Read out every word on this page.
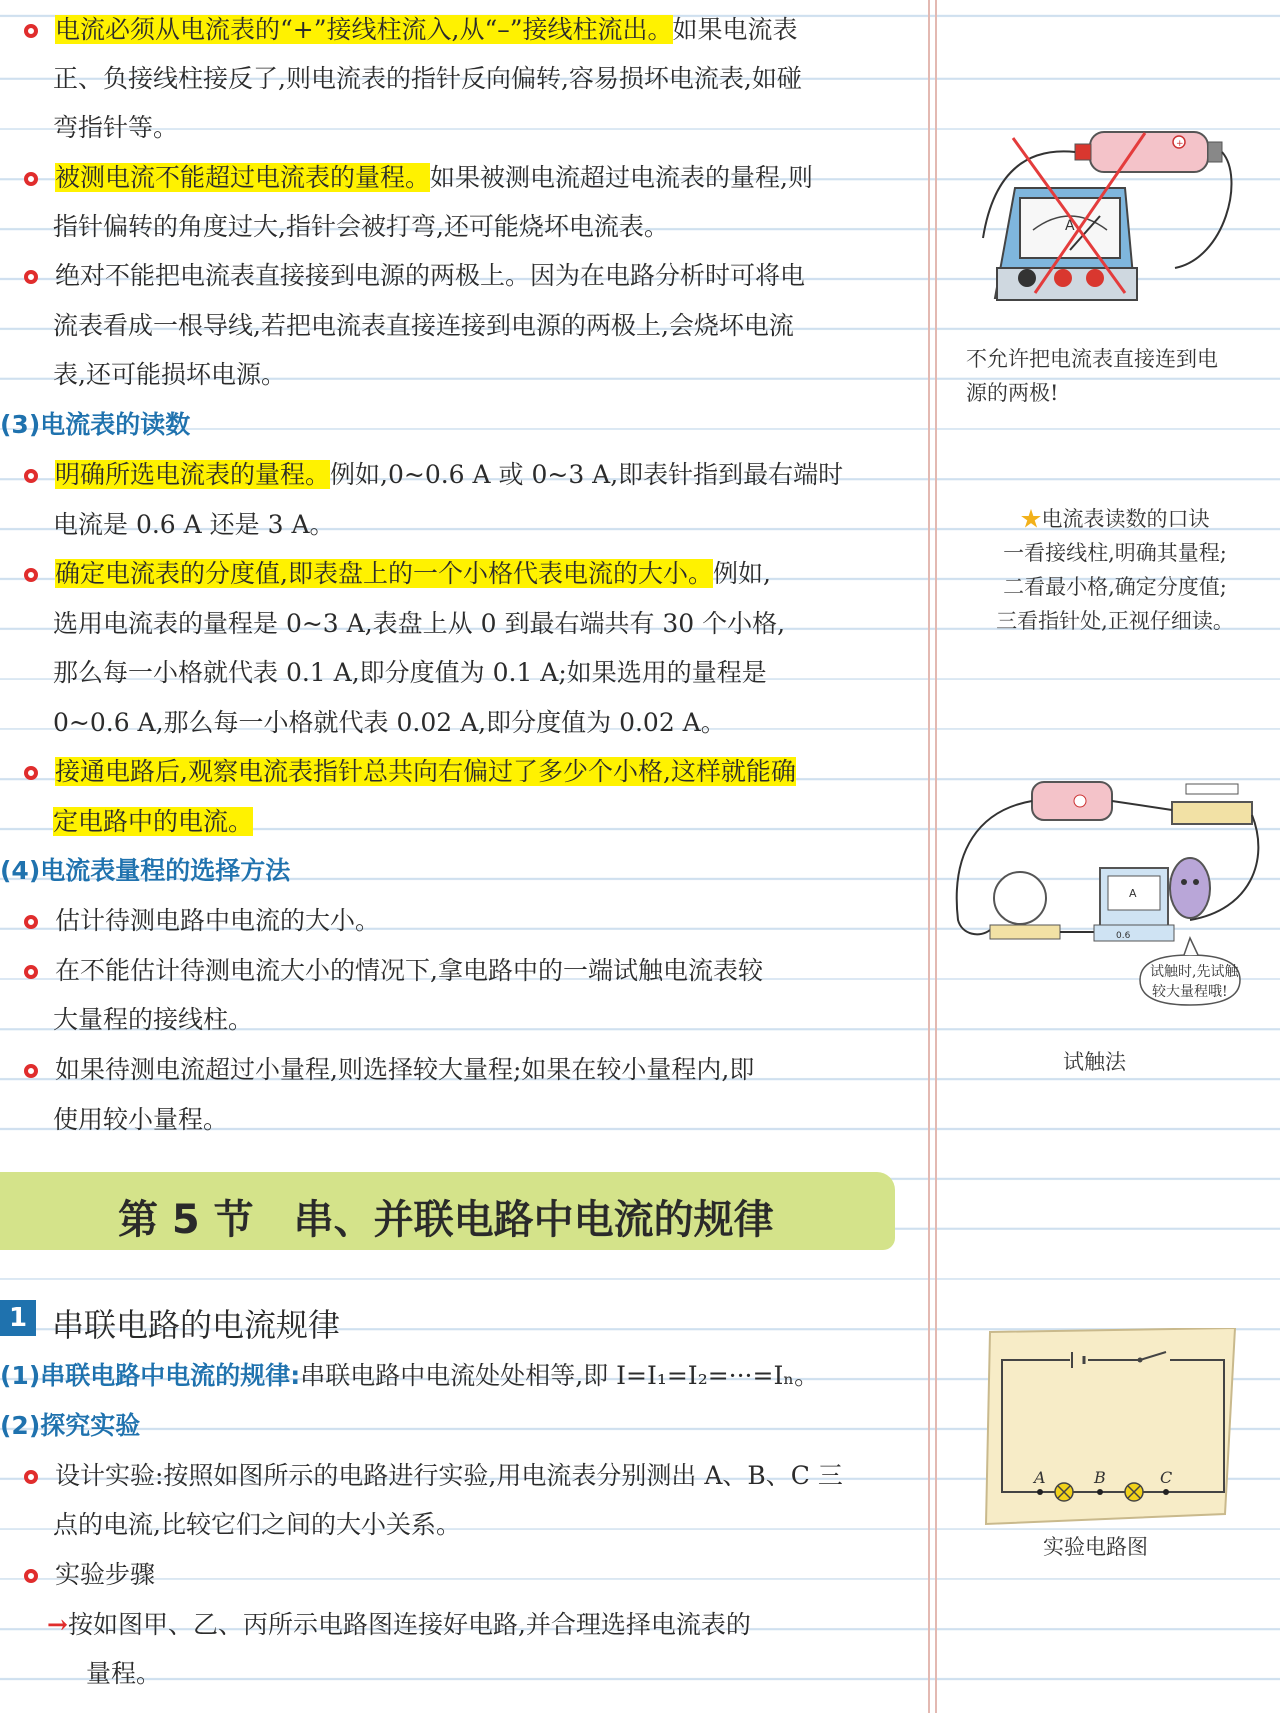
电流必须从电流表的“+”接线柱流入,从“–”接线柱流出。如果电流表
正、负接线柱接反了,则电流表的指针反向偏转,容易损坏电流表,如碰
弯指针等。
被测电流不能超过电流表的量程。如果被测电流超过电流表的量程,则
指针偏转的角度过大,指针会被打弯,还可能烧坏电流表。
绝对不能把电流表直接接到电源的两极上。因为在电路分析时可将电
流表看成一根导线,若把电流表直接连接到电源的两极上,会烧坏电流
表,还可能损坏电源。
(3)电流表的读数
明确所选电流表的量程。例如,0~0.6 A 或 0~3 A,即表针指到最右端时
电流是 0.6 A 还是 3 A。
确定电流表的分度值,即表盘上的一个小格代表电流的大小。例如,
选用电流表的量程是 0~3 A,表盘上从 0 到最右端共有 30 个小格,
那么每一小格就代表 0.1 A,即分度值为 0.1 A;如果选用的量程是
0~0.6 A,那么每一小格就代表 0.02 A,即分度值为 0.02 A。
接通电路后,观察电流表指针总共向右偏过了多少个小格,这样就能确
定电路中的电流。
(4)电流表量程的选择方法
估计待测电路中电流的大小。
在不能估计待测电流大小的情况下,拿电路中的一端试触电流表较
大量程的接线柱。
如果待测电流超过小量程,则选择较大量程;如果在较小量程内,即
使用较小量程。
第 5 节　串、并联电路中电流的规律
1 串联电路的电流规律
(1)串联电路中电流的规律:串联电路中电流处处相等,即 I=I₁=I₂=···=Iₙ。
(2)探究实验
设计实验:按照如图所示的电路进行实验,用电流表分别测出 A、B、C 三
点的电流,比较它们之间的大小关系。
实验步骤
→按如图甲、乙、丙所示电路图连接好电路,并合理选择电流表的
量程。
+
A
不允许把电流表直接连到电
源的两极!
★电流表读数的口诀
一看接线柱,明确其量程;
二看最小格,确定分度值;
三看指针处,正视仔细读。
A
0.6
试触时,先试触
较大量程哦!
试触法
A	B	C
实验电路图
